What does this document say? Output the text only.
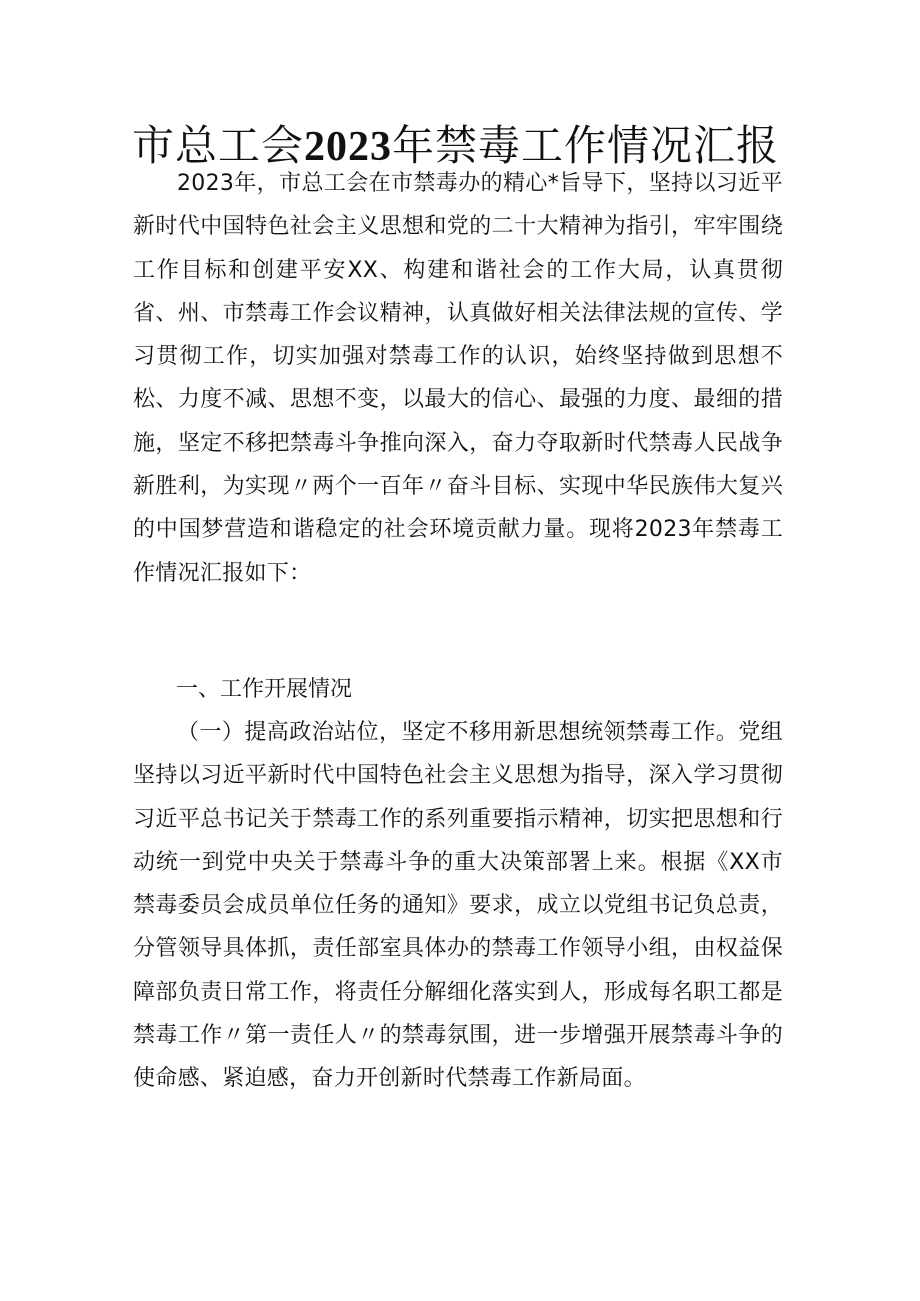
市总工会2023年禁毒工作情况汇报

2023年，市总工会在市禁毒办的精心*旨导下，坚持以习近平新时代中国特色社会主义思想和党的二十大精神为指引，牢牢围绕工作目标和创建平安XX、构建和谐社会的工作大局，认真贯彻省、州、市禁毒工作会议精神，认真做好相关法律法规的宣传、学习贯彻工作，切实加强对禁毒工作的认识，始终坚持做到思想不松、力度不减、思想不变，以最大的信心、最强的力度、最细的措施，坚定不移把禁毒斗争推向深入，奋力夺取新时代禁毒人民战争新胜利，为实现〃两个一百年〃奋斗目标、实现中华民族伟大复兴的中国梦营造和谐稳定的社会环境贡献力量。现将2023年禁毒工作情况汇报如下：

一、工作开展情况

（一）提高政治站位，坚定不移用新思想统领禁毒工作。党组坚持以习近平新时代中国特色社会主义思想为指导，深入学习贯彻习近平总书记关于禁毒工作的系列重要指示精神，切实把思想和行动统一到党中央关于禁毒斗争的重大决策部署上来。根据《XX市禁毒委员会成员单位任务的通知》要求，成立以党组书记负总责，分管领导具体抓，责任部室具体办的禁毒工作领导小组，由权益保障部负责日常工作，将责任分解细化落实到人，形成每名职工都是禁毒工作〃第一责任人〃的禁毒氛围，进一步增强开展禁毒斗争的使命感、紧迫感，奋力开创新时代禁毒工作新局面。
